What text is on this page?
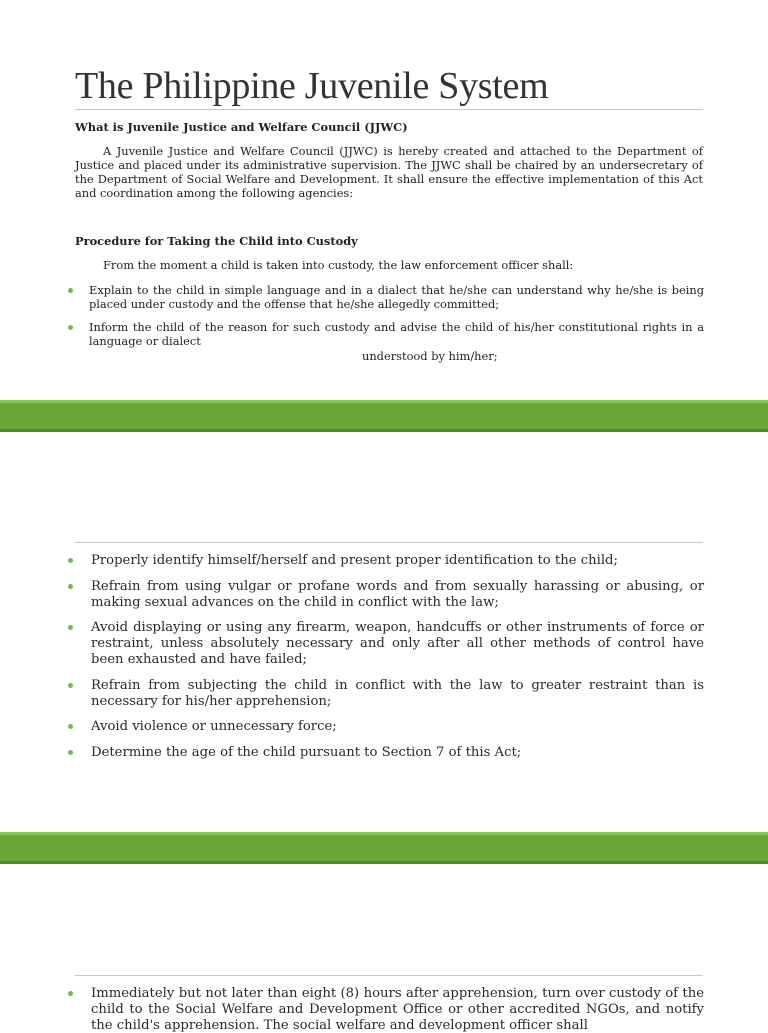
The Philippine Juvenile System
What is Juvenile Justice and Welfare Council (JJWC)
A Juvenile Justice and Welfare Council (JJWC) is hereby created and attached to the Department of Justice and placed under its administrative supervision. The JJWC shall be chaired by an undersecretary of the Department of Social Welfare and Development. It shall ensure the effective implementation of this Act and coordination among the following agencies:
Procedure for Taking the Child into Custody
From the moment a child is taken into custody, the law enforcement officer shall:
Explain to the child in simple language and in a dialect that he/she can understand why he/she is being placed under custody and the offense that he/she allegedly committed;
Inform the child of the reason for such custody and advise the child of his/her constitutional rights in a language or dialect
understood by him/her;
Properly identify himself/herself and present proper identification to the child;
Refrain from using vulgar or profane words and from sexually harassing or abusing, or making sexual advances on the child in conflict with the law;
Avoid displaying or using any firearm, weapon, handcuffs or other instruments of force or restraint, unless absolutely necessary and only after all other methods of control have been exhausted and have failed;
Refrain from subjecting the child in conflict with the law to greater restraint than is necessary for his/her apprehension;
Avoid violence or unnecessary force;
Determine the age of the child pursuant to Section 7 of this Act;
Immediately but not later than eight (8) hours after apprehension, turn over custody of the child to the Social Welfare and Development Office or other accredited NGOs, and notify the child's apprehension. The social welfare and development officer shall
